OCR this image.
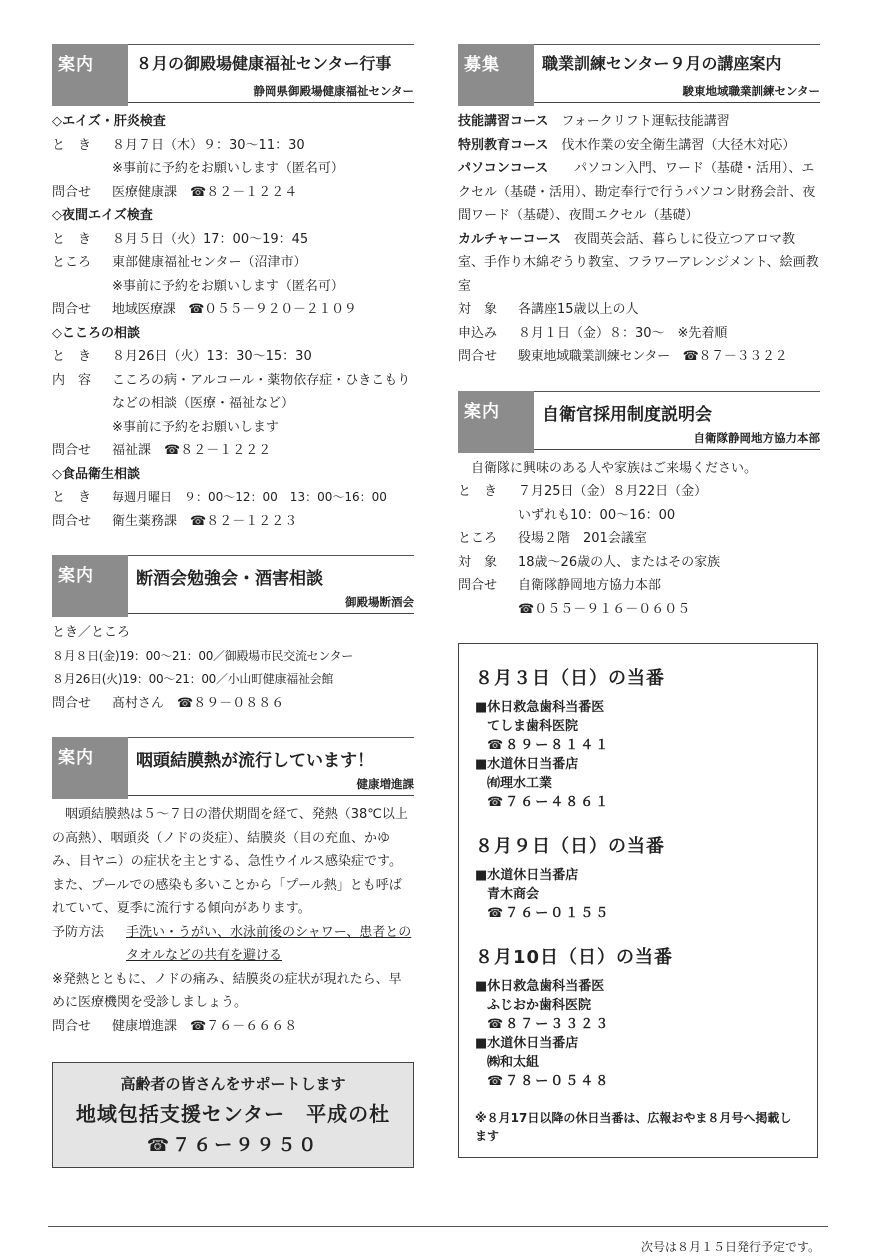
案内	８月の御殿場健康福祉センター行事
静岡県御殿場健康福祉センター
◇エイズ・肝炎検査
と　き	８月７日（木）９：30～11：30
※事前に予約をお願いします（匿名可）
問合せ	医療健康課　☎８２－１２２４
◇夜間エイズ検査
と　き	８月５日（火）17：00～19：45
ところ	東部健康福祉センター（沼津市）
※事前に予約をお願いします（匿名可）
問合せ	地域医療課　☎０５５－９２０－２１０９
◇こころの相談
と　き	８月26日（火）13：30～15：30
内　容	こころの病・アルコール・薬物依存症・ひきこもりなどの相談（医療・福祉など）
※事前に予約をお願いします
問合せ	福祉課　☎８２－１２２２
◇食品衛生相談
と　き	毎週月曜日　９：00～12：00　13：00～16：00
問合せ	衛生薬務課　☎８２－１２２３
案内	断酒会勉強会・酒害相談
御殿場断酒会
とき／ところ
８月８日(金)19：00～21：00／御殿場市民交流センター
８月26日(火)19：00～21：00／小山町健康福祉会館
問合せ	髙村さん　☎８９－０８８６
案内	咽頭結膜熱が流行しています！
健康増進課
咽頭結膜熱は５～７日の潜伏期間を経て、発熱（38℃以上の高熱）、咽頭炎（ノドの炎症）、結膜炎（目の充血、かゆみ、目ヤニ）の症状を主とする、急性ウイルス感染症です。また、プールでの感染も多いことから「プール熱」とも呼ばれていて、夏季に流行する傾向があります。
予防方法	手洗い・うがい、水泳前後のシャワー、患者とのタオルなどの共有を避ける
※発熱とともに、ノドの痛み、結膜炎の症状が現れたら、早めに医療機関を受診しましょう。
問合せ	健康増進課　☎７６－６６６８
高齢者の皆さんをサポートします
地域包括支援センター　平成の杜
☎７６ー９９５０
募集	職業訓練センター９月の講座案内
駿東地域職業訓練センター
技能講習コース　 フォークリフト運転技能講習
特別教育コース　 伐木作業の安全衛生講習（大径木対応）
パソコンコース　　 パソコン入門、ワード（基礎・活用）、エクセル（基礎・活用）、勘定奉行で行うパソコン財務会計、夜間ワード（基礎）、夜間エクセル（基礎）
カルチャーコース　 夜間英会話、暮らしに役立つアロマ教室、手作り木綿ぞうり教室、フラワーアレンジメント、絵画教室
対　象	各講座15歳以上の人
申込み	８月１日（金）８：30～　※先着順
問合せ	駿東地域職業訓練センター　☎８７－３３２２
案内	自衛官採用制度説明会
自衛隊静岡地方協力本部
自衛隊に興味のある人や家族はご来場ください。
と　き	７月25日（金）８月22日（金）
いずれも10：00～16：00
ところ	役場２階　201会議室
対　象	18歳～26歳の人、またはその家族
問合せ	自衛隊静岡地方協力本部
☎０５５－９１６－０６０５
８月３日（日）の当番
■休日救急歯科当番医
てしま歯科医院
☎８９ー８１４１
■水道休日当番店
㈲理水工業
☎７６ー４８６１
８月９日（日）の当番
■水道休日当番店
青木商会
☎７６ー０１５５
８月10日（日）の当番
■休日救急歯科当番医
ふじおか歯科医院
☎８７ー３３２３
■水道休日当番店
㈱和太組
☎７８ー０５４８
※８月17日以降の休日当番は、広報おやま８月号へ掲載します
次号は８月１５日発行予定です。
